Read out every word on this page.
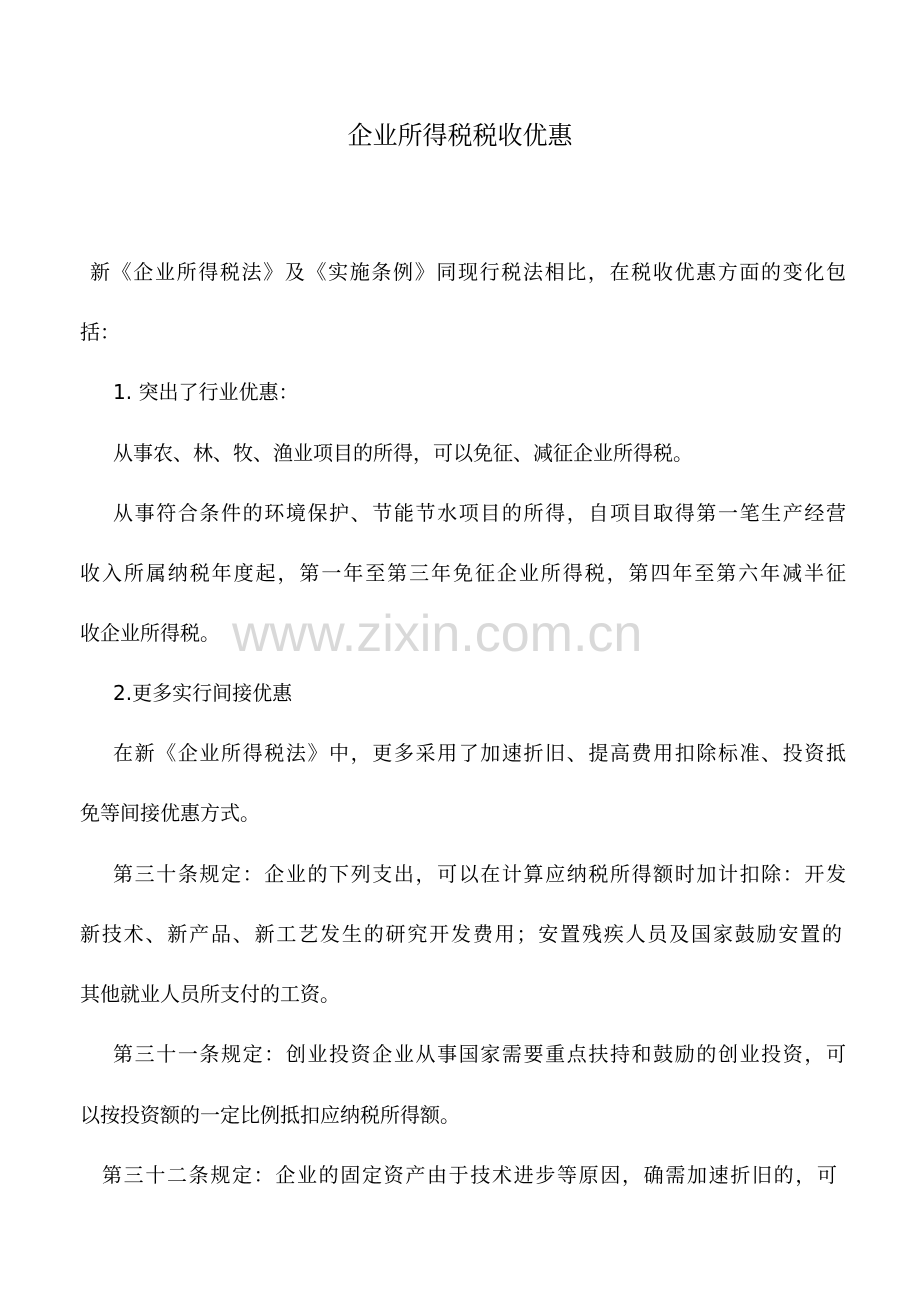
企业所得税税收优惠

新《企业所得税法》及《实施条例》同现行税法相比，在税收优惠方面的变化包

括：

1. 突出了行业优惠：

从事农、林、牧、渔业项目的所得，可以免征、减征企业所得税。

从事符合条件的环境保护、节能节水项目的所得，自项目取得第一笔生产经营

收入所属纳税年度起，第一年至第三年免征企业所得税，第四年至第六年减半征

收企业所得税。

2.更多实行间接优惠

在新《企业所得税法》中，更多采用了加速折旧、提高费用扣除标准、投资抵

免等间接优惠方式。

第三十条规定：企业的下列支出，可以在计算应纳税所得额时加计扣除：开发

新技术、新产品、新工艺发生的研究开发费用；安置残疾人员及国家鼓励安置的

其他就业人员所支付的工资。

第三十一条规定：创业投资企业从事国家需要重点扶持和鼓励的创业投资，可

以按投资额的一定比例抵扣应纳税所得额。

第三十二条规定：企业的固定资产由于技术进步等原因，确需加速折旧的，可

www.zixin.com.cn
